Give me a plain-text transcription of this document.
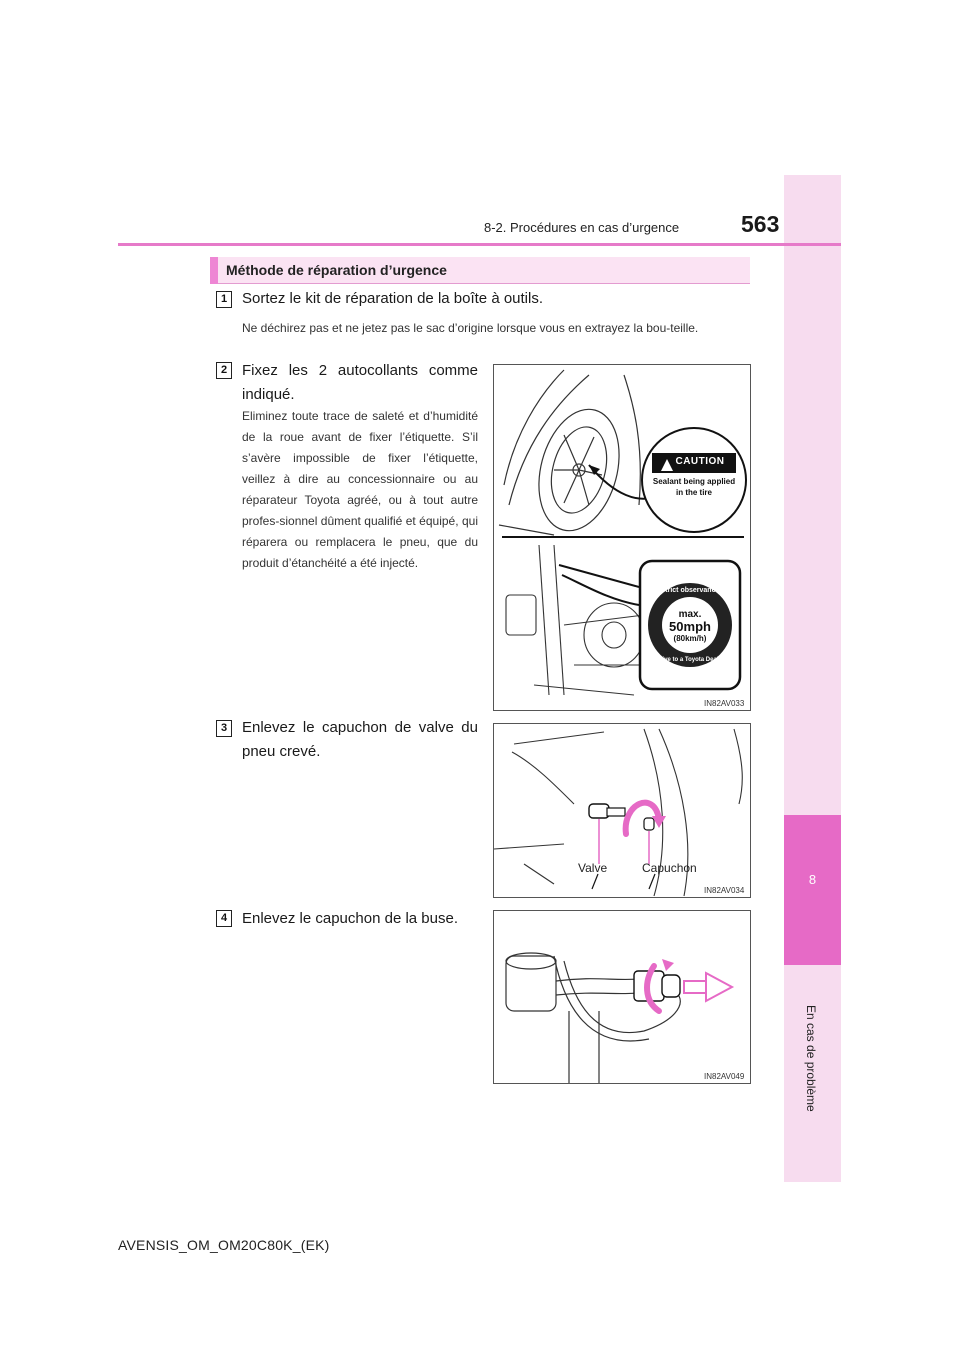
8
En cas de problème
8-2. Procédures en cas d’urgence	563
Méthode de réparation d’urgence
1 Sortez le kit de réparation de la boîte à outils.
Ne déchirez pas et ne jetez pas le sac d’origine lorsque vous en extrayez la bou-teille.
2 Fixez les 2 autocollants comme indiqué.
Eliminez toute trace de saleté et d’humidité de la roue avant de fixer l’étiquette. S’il s’avère impossible de fixer l’étiquette, veillez à dire au concessionnaire ou au réparateur Toyota agréé, ou à tout autre profes-sionnel dûment qualifié et équipé, qui réparera ou remplacera le pneu, que du produit d’étanchéité a été injecté.
CAUTION
Sealant being applied
in the tire
max.
50mph
(80km/h)
Strict observance
Drive to a Toyota Dealer
IN82AV033
3 Enlevez le capuchon de valve du pneu crevé.
Valve	Capuchon
IN82AV034
4 Enlevez le capuchon de la buse.
IN82AV049
AVENSIS_OM_OM20C80K_(EK)
